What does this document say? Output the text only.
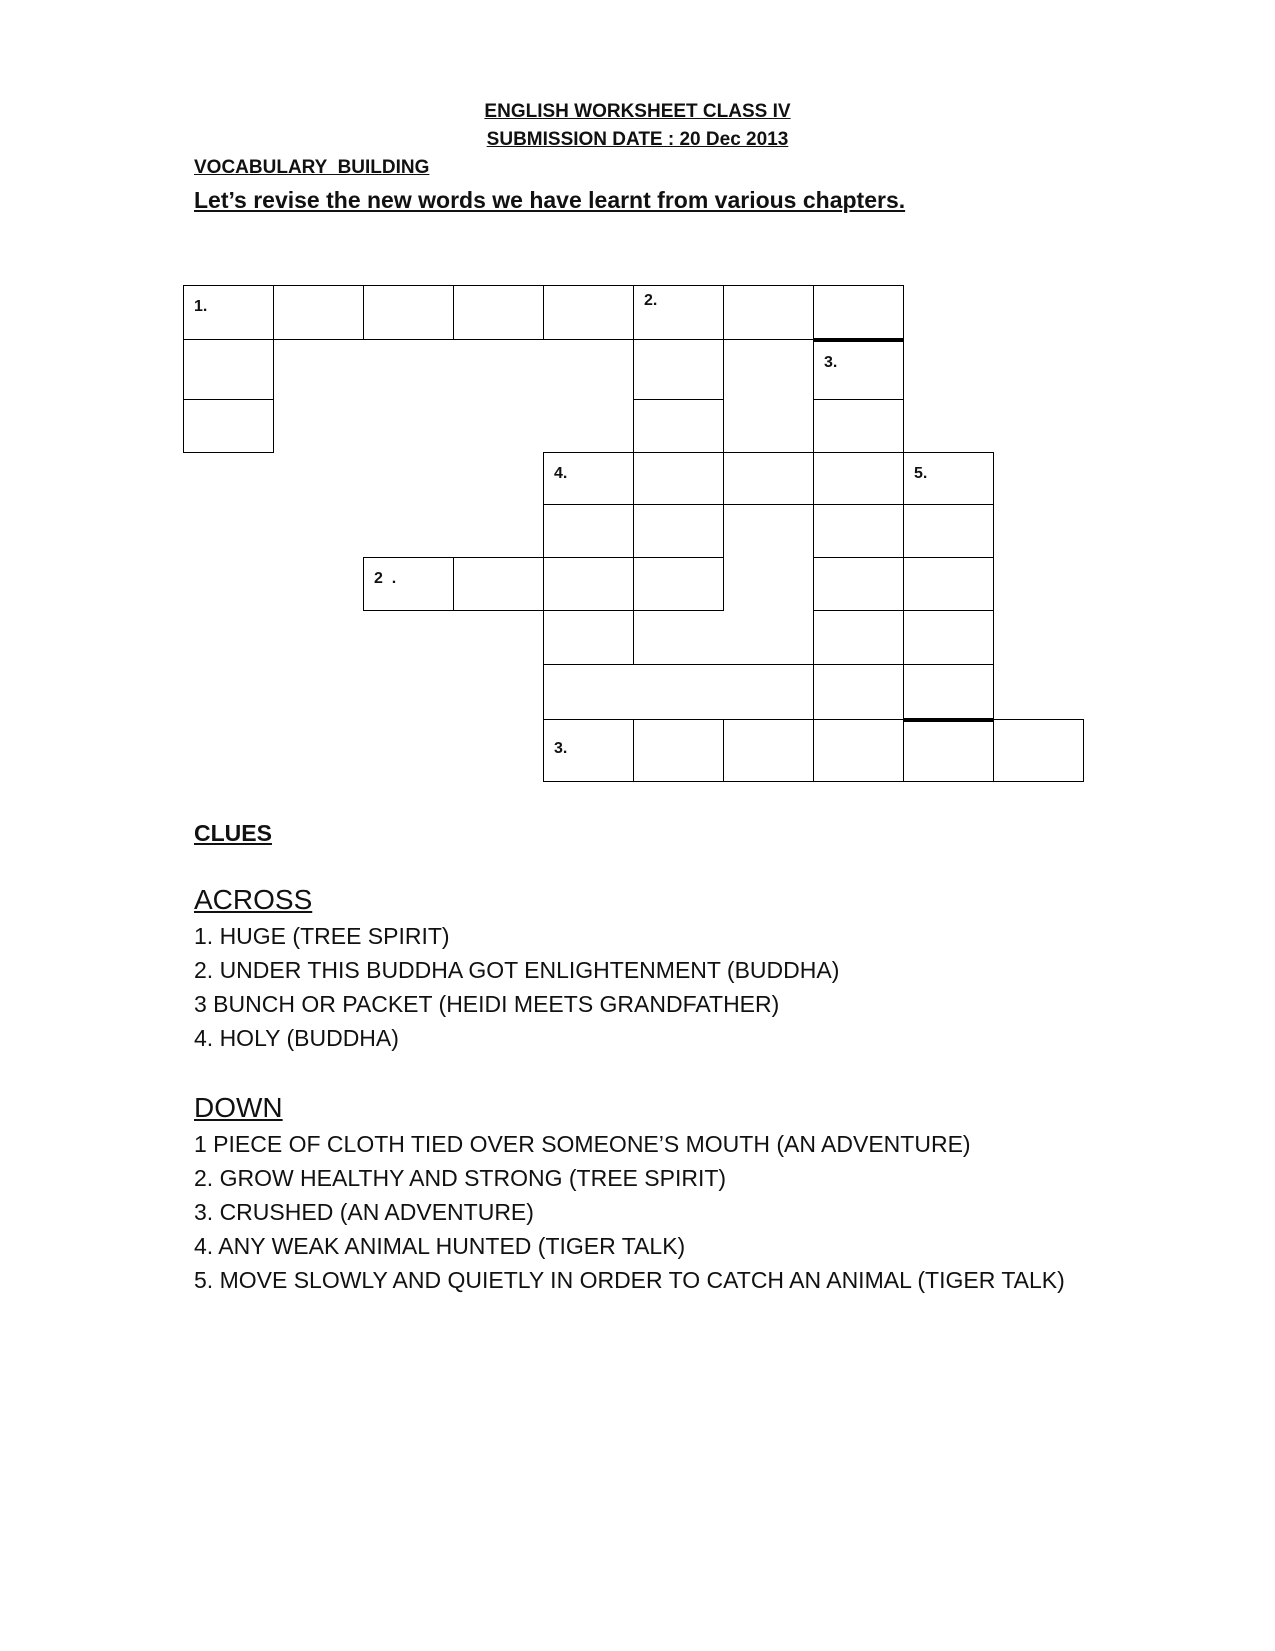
ENGLISH WORKSHEET CLASS IV
SUBMISSION DATE : 20 Dec 2013
VOCABULARY  BUILDING
Let’s revise the new words we have learnt from various chapters.
1.	2.
3.
4.	5.
2  .
3.
CLUES
ACROSS
1. HUGE (TREE SPIRIT)
2. UNDER THIS BUDDHA GOT ENLIGHTENMENT (BUDDHA)
3 BUNCH OR PACKET (HEIDI MEETS GRANDFATHER)
4. HOLY (BUDDHA)
DOWN
1 PIECE OF CLOTH TIED OVER SOMEONE’S MOUTH (AN ADVENTURE)
2. GROW HEALTHY AND STRONG (TREE SPIRIT)
3. CRUSHED (AN ADVENTURE)
4. ANY WEAK ANIMAL HUNTED (TIGER TALK)
5. MOVE SLOWLY AND QUIETLY IN ORDER TO CATCH AN ANIMAL (TIGER TALK)
